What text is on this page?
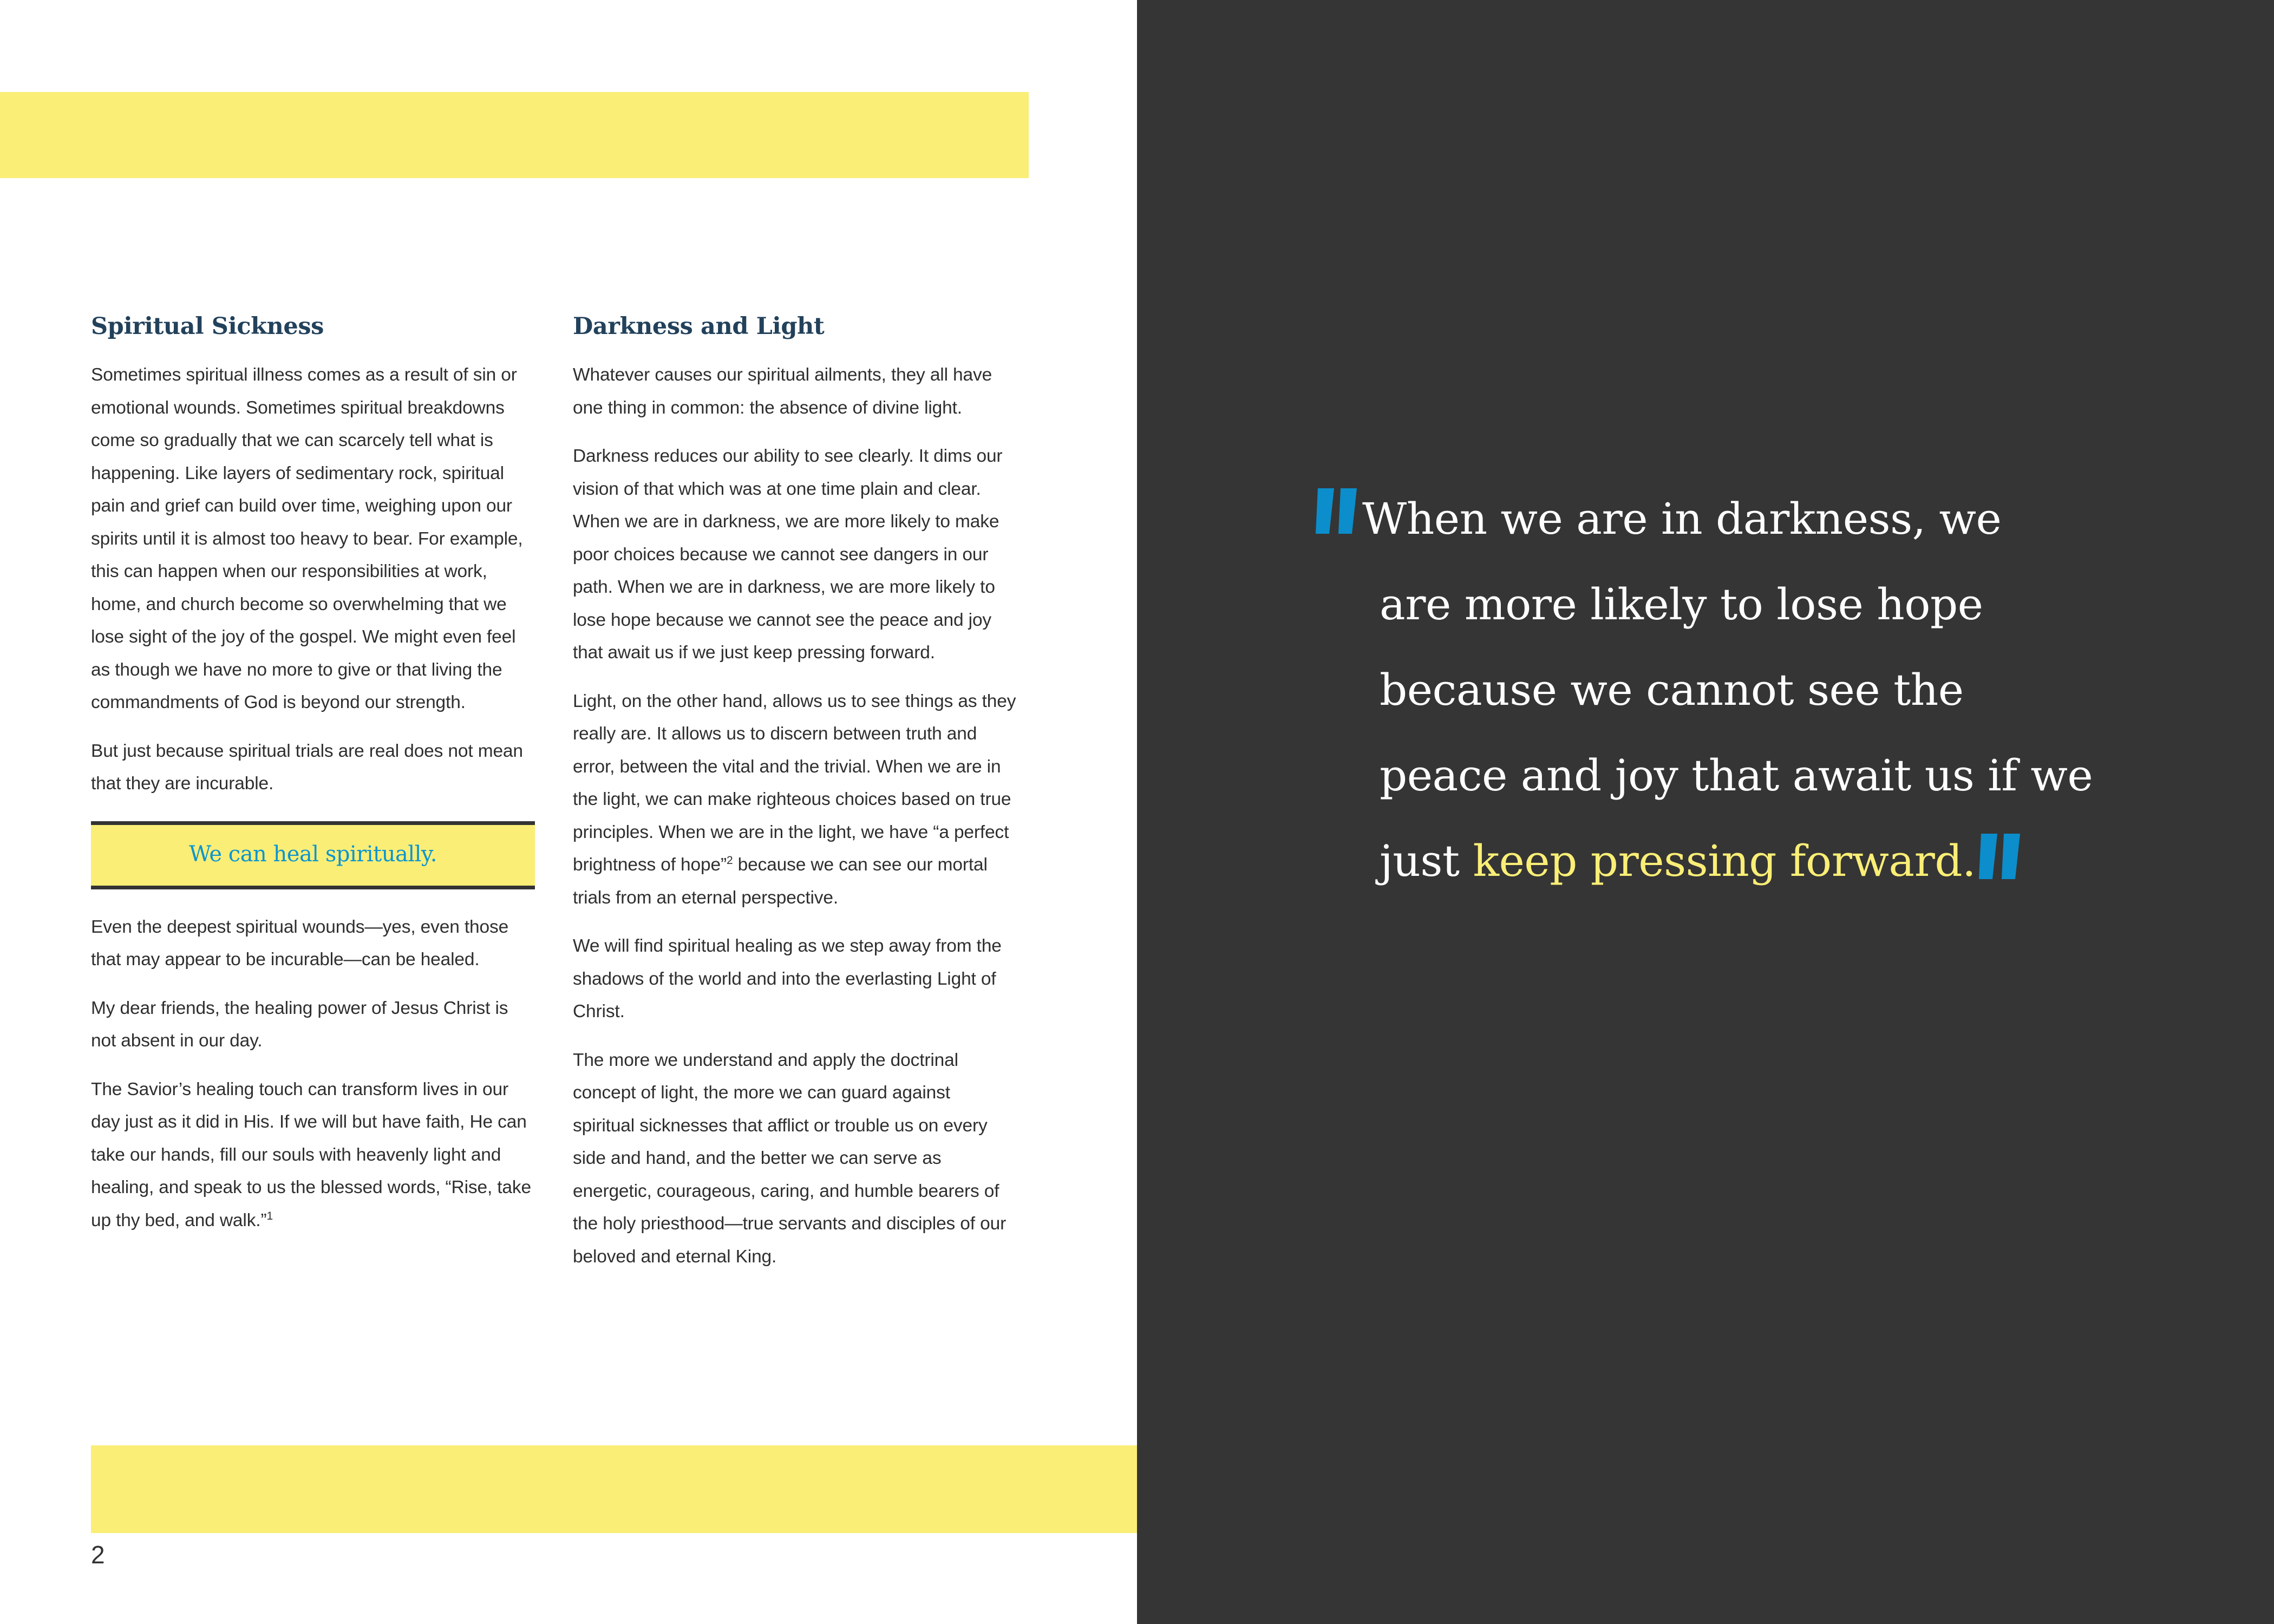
Spiritual Sickness

Sometimes spiritual illness comes as a result of sin or emotional wounds. Sometimes spiritual breakdowns come so gradually that we can scarcely tell what is happening. Like layers of sedimentary rock, spiritual pain and grief can build over time, weighing upon our spirits until it is almost too heavy to bear. For example, this can happen when our responsibilities at work, home, and church become so overwhelming that we lose sight of the joy of the gospel. We might even feel as though we have no more to give or that living the commandments of God is beyond our strength.

But just because spiritual trials are real does not mean that they are incurable.

We can heal spiritually.

Even the deepest spiritual wounds—yes, even those that may appear to be incurable—can be healed.

My dear friends, the healing power of Jesus Christ is not absent in our day.

The Savior’s healing touch can transform lives in our day just as it did in His. If we will but have faith, He can take our hands, fill our souls with heavenly light and healing, and speak to us the blessed words, “Rise, take up thy bed, and walk.”$^1$

Darkness and Light

Whatever causes our spiritual ailments, they all have one thing in common: the absence of divine light.

Darkness reduces our ability to see clearly. It dims our vision of that which was at one time plain and clear. When we are in darkness, we are more likely to make poor choices because we cannot see dangers in our path. When we are in darkness, we are more likely to lose hope because we cannot see the peace and joy that await us if we just keep pressing forward.

Light, on the other hand, allows us to see things as they really are. It allows us to discern between truth and error, between the vital and the trivial. When we are in the light, we can make righteous choices based on true principles. When we are in the light, we have “a perfect brightness of hope”$^2$ because we can see our mortal trials from an eternal perspective.

We will find spiritual healing as we step away from the shadows of the world and into the everlasting Light of Christ.

The more we understand and apply the doctrinal concept of light, the more we can guard against spiritual sicknesses that afflict or trouble us on every side and hand, and the better we can serve as energetic, courageous, caring, and humble bearers of the holy priesthood—true servants and disciples of our beloved and eternal King.

2
When we are in darkness, we
are more likely to lose hope
because we cannot see the
peace and joy that await us if we
just keep pressing forward.
